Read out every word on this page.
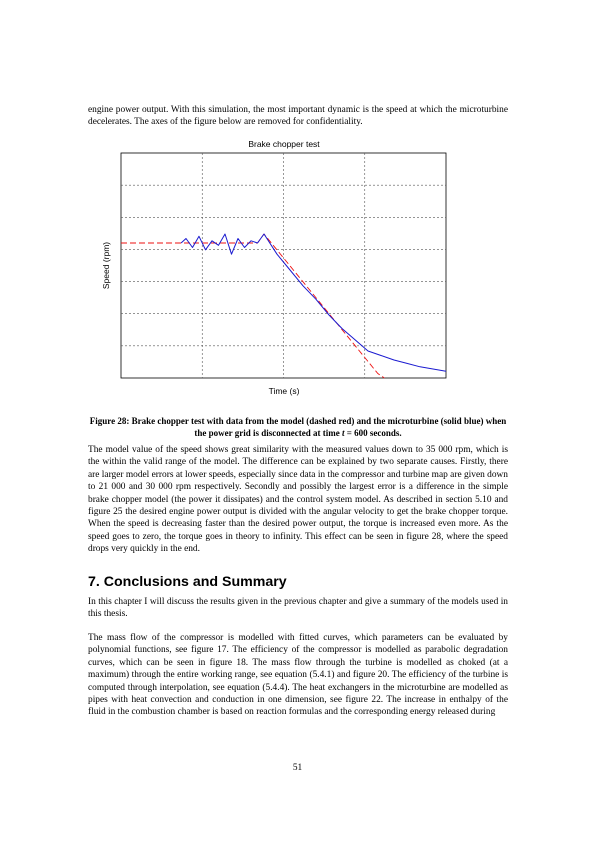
engine power output. With this simulation, the most important dynamic is the speed at which the microturbine decelerates. The axes of the figure below are removed for confidentiality.

Brake chopper test
Time (s)
Speed (rpm)

Figure 28: Brake chopper test with data from the model (dashed red) and the microturbine (solid blue) when the power grid is disconnected at time t = 600 seconds.

The model value of the speed shows great similarity with the measured values down to 35 000 rpm, which is the within the valid range of the model. The difference can be explained by two separate causes. Firstly, there are larger model errors at lower speeds, especially since data in the compressor and turbine map are given down to 21 000 and 30 000 rpm respectively. Secondly and possibly the largest error is a difference in the simple brake chopper model (the power it dissipates) and the control system model. As described in section 5.10 and figure 25 the desired engine power output is divided with the angular velocity to get the brake chopper torque. When the speed is decreasing faster than the desired power output, the torque is increased even more. As the speed goes to zero, the torque goes in theory to infinity. This effect can be seen in figure 28, where the speed drops very quickly in the end.

7. Conclusions and Summary

In this chapter I will discuss the results given in the previous chapter and give a summary of the models used in this thesis.

The mass flow of the compressor is modelled with fitted curves, which parameters can be evaluated by polynomial functions, see figure 17. The efficiency of the compressor is modelled as parabolic degradation curves, which can be seen in figure 18. The mass flow through the turbine is modelled as choked (at a maximum) through the entire working range, see equation (5.4.1) and figure 20. The efficiency of the turbine is computed through interpolation, see equation (5.4.4). The heat exchangers in the microturbine are modelled as pipes with heat convection and conduction in one dimension, see figure 22. The increase in enthalpy of the fluid in the combustion chamber is based on reaction formulas and the corresponding energy released during

51
